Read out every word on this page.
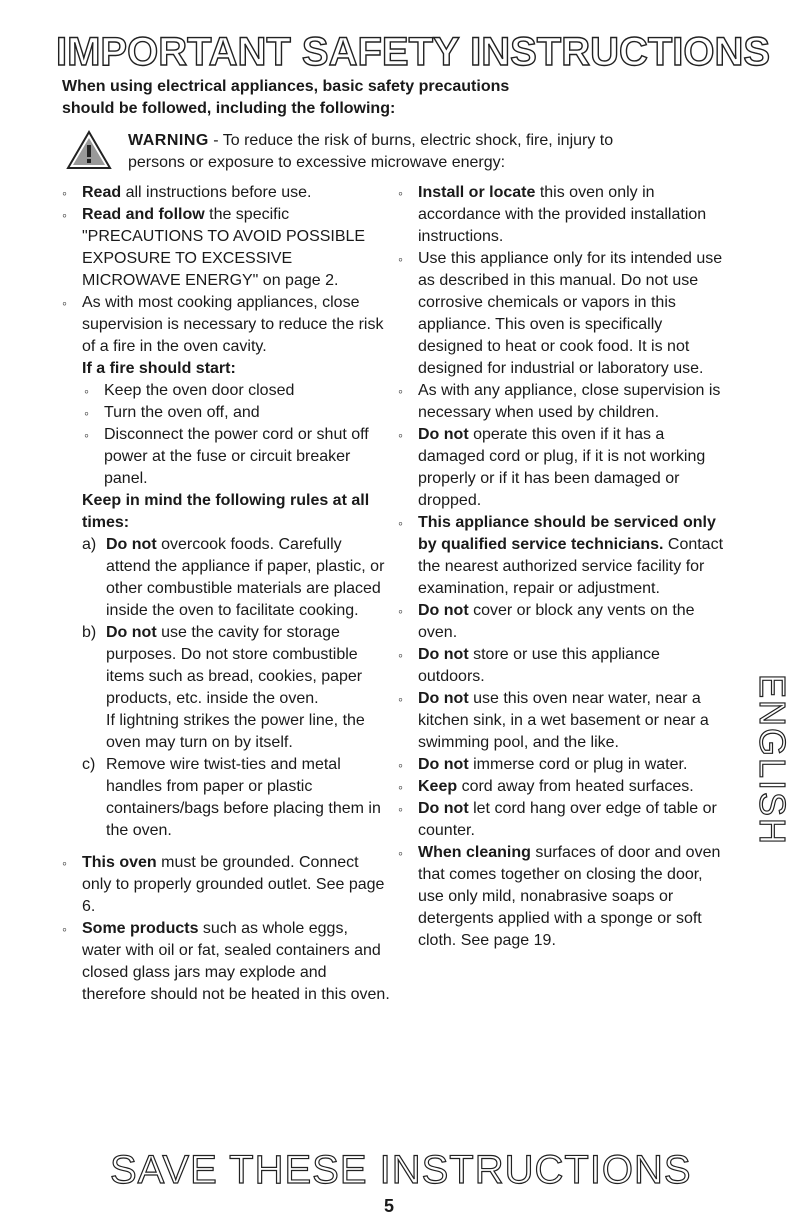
IMPORTANT SAFETY INSTRUCTIONS
When using electrical appliances, basic safety precautions
should be followed, including the following:
WARNING - To reduce the risk of burns, electric shock, fire, injury to
persons or exposure to excessive microwave energy:

◦ Read all instructions before use.

◦ Read and follow the specific "PRECAUTIONS TO AVOID POSSIBLE EXPOSURE TO EXCESSIVE MICROWAVE ENERGY" on page 2.

◦ As with most cooking appliances, close supervision is necessary to reduce the risk of a fire in the oven cavity.

If a fire should start:

◦ Keep the oven door closed

◦ Turn the oven off, and

◦ Disconnect the power cord or shut off power at the fuse or circuit breaker panel.

Keep in mind the following rules at all times:

a) Do not overcook foods. Carefully attend the appliance if paper, plastic, or other combustible materials are placed inside the oven to facilitate cooking.

b) Do not use the cavity for storage purposes. Do not store combustible items such as bread, cookies, paper products, etc. inside the oven.

If lightning strikes the power line, the oven may turn on by itself.

c) Remove wire twist-ties and metal handles from paper or plastic containers/bags before placing them in the oven.

◦ This oven must be grounded. Connect only to properly grounded outlet. See page 6.

◦ Some products such as whole eggs, water with oil or fat, sealed containers and closed glass jars may explode and therefore should not be heated in this oven.

◦ Install or locate this oven only in accordance with the provided installation instructions.

◦ Use this appliance only for its intended use as described in this manual. Do not use corrosive chemicals or vapors in this appliance. This oven is specifically designed to heat or cook food. It is not designed for industrial or laboratory use.

◦ As with any appliance, close supervision is necessary when used by children.

◦ Do not operate this oven if it has a damaged cord or plug, if it is not working properly or if it has been damaged or dropped.

◦ This appliance should be serviced only by qualified service technicians. Contact the nearest authorized service facility for examination, repair or adjustment.

◦ Do not cover or block any vents on the oven.

◦ Do not store or use this appliance outdoors.

◦ Do not use this oven near water, near a kitchen sink, in a wet basement or near a swimming pool, and the like.

◦ Do not immerse cord or plug in water.

◦ Keep cord away from heated surfaces.

◦ Do not let cord hang over edge of table or counter.

◦ When cleaning surfaces of door and oven that comes together on closing the door, use only mild, nonabrasive soaps or detergents applied with a sponge or soft cloth. See page 19.

ENGLISH
SAVE THESE INSTRUCTIONS
5
